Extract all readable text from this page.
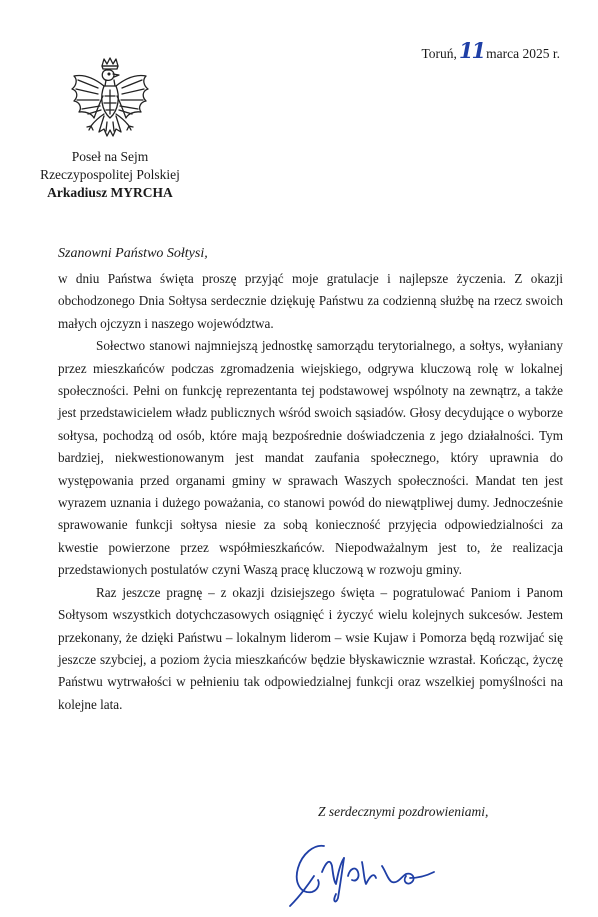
Toruń, 11 marca 2025 r.
Poseł na Sejm
Rzeczypospolitej Polskiej
Arkadiusz MYRCHA
Szanowni Państwo Sołtysi,

w dniu Państwa święta proszę przyjąć moje gratulacje i najlepsze życzenia. Z okazji obchodzonego Dnia Sołtysa serdecznie dziękuję Państwu za codzienną służbę na rzecz swoich małych ojczyzn i naszego województwa.

Sołectwo stanowi najmniejszą jednostkę samorządu terytorialnego, a sołtys, wyłaniany przez mieszkańców podczas zgromadzenia wiejskiego, odgrywa kluczową rolę w lokalnej społeczności. Pełni on funkcję reprezentanta tej podstawowej wspólnoty na zewnątrz, a także jest przedstawicielem władz publicznych wśród swoich sąsiadów. Głosy decydujące o wyborze sołtysa, pochodzą od osób, które mają bezpośrednie doświadczenia z jego działalności. Tym bardziej, niekwestionowanym jest mandat zaufania społecznego, który uprawnia do występowania przed organami gminy w sprawach Waszych społeczności. Mandat ten jest wyrazem uznania i dużego poważania, co stanowi powód do niewątpliwej dumy. Jednocześnie sprawowanie funkcji sołtysa niesie za sobą konieczność przyjęcia odpowiedzialności za kwestie powierzone przez współmieszkańców. Niepodważalnym jest to, że realizacja przedstawionych postulatów czyni Waszą pracę kluczową w rozwoju gminy.

Raz jeszcze pragnę – z okazji dzisiejszego święta – pogratulować Paniom i Panom Sołtysom wszystkich dotychczasowych osiągnięć i życzyć wielu kolejnych sukcesów. Jestem przekonany, że dzięki Państwu – lokalnym liderom – wsie Kujaw i Pomorza będą rozwijać się jeszcze szybciej, a poziom życia mieszkańców będzie błyskawicznie wzrastał. Kończąc, życzę Państwu wytrwałości w pełnieniu tak odpowiedzialnej funkcji oraz wszelkiej pomyślności na kolejne lata.

Z serdecznymi pozdrowieniami,
